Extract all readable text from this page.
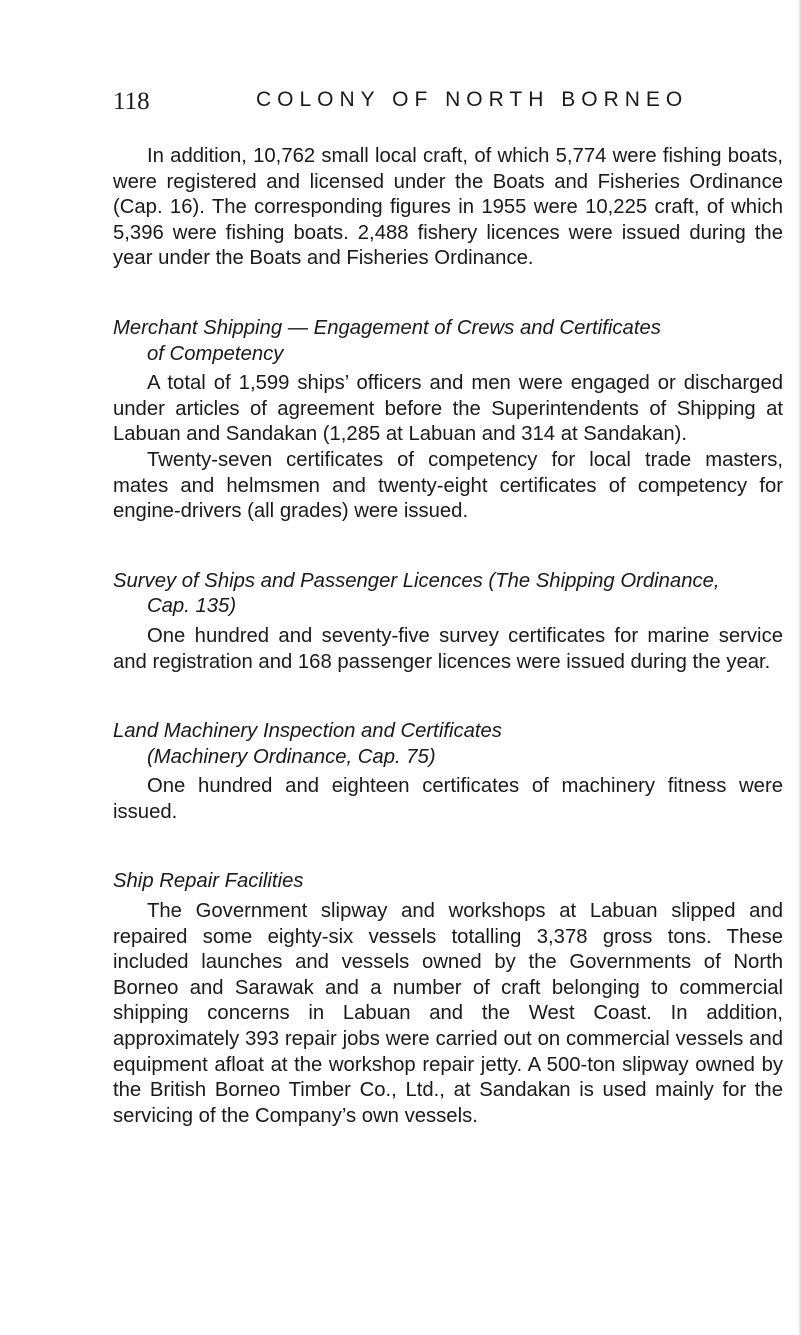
118	COLONY OF NORTH BORNEO

In addition, 10,762 small local craft, of which 5,774 were fishing boats, were registered and licensed under the Boats and Fisheries Ordinance (Cap. 16). The corresponding figures in 1955 were 10,225 craft, of which 5,396 were fishing boats. 2,488 fishery licences were issued during the year under the Boats and Fisheries Ordinance.

Merchant Shipping — Engagement of Crews and Certificates
of Competency

A total of 1,599 ships’ officers and men were engaged or discharged under articles of agreement before the Superintendents of Shipping at Labuan and Sandakan (1,285 at Labuan and 314 at Sandakan).

Twenty-seven certificates of competency for local trade masters, mates and helmsmen and twenty-eight certificates of competency for engine-drivers (all grades) were issued.

Survey of Ships and Passenger Licences (The Shipping Ordinance,
Cap. 135)

One hundred and seventy-five survey certificates for marine service and registration and 168 passenger licences were issued during the year.

Land Machinery Inspection and Certificates
(Machinery Ordinance, Cap. 75)

One hundred and eighteen certificates of machinery fitness were issued.

Ship Repair Facilities

The Government slipway and workshops at Labuan slipped and repaired some eighty-six vessels totalling 3,378 gross tons. These included launches and vessels owned by the Governments of North Borneo and Sarawak and a number of craft belonging to commercial shipping concerns in Labuan and the West Coast. In addition, approximately 393 repair jobs were carried out on commercial vessels and equipment afloat at the workshop repair jetty. A 500-ton slipway owned by the British Borneo Timber Co., Ltd., at Sandakan is used mainly for the servicing of the Company’s own vessels.
